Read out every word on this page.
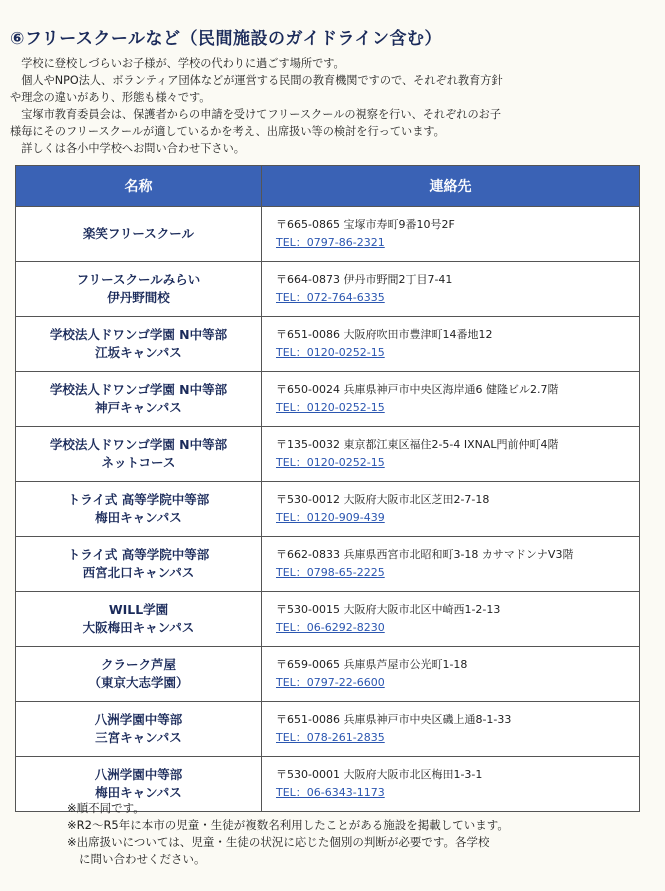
⑥フリースクールなど（民間施設のガイドライン含む）

　学校に登校しづらいお子様が、学校の代わりに過ごす場所です。

　個人やNPO法人、ボランティア団体などが運営する民間の教育機関ですので、それぞれ教育方針

や理念の違いがあり、形態も様々です。

　宝塚市教育委員会は、保護者からの申請を受けてフリースクールの視察を行い、それぞれのお子

様毎にそのフリースクールが適しているかを考え、出席扱い等の検討を行っています。

　詳しくは各小中学校へお問い合わせ下さい。

名称	連絡先
楽笑フリースクール
〒665-0865 宝塚市寿町9番10号2F
TEL：0797-86-2321
フリースクールみらい
伊丹野間校
〒664-0873 伊丹市野間2丁目7-41
TEL：072-764-6335
学校法人ドワンゴ学園 N中等部
江坂キャンパス
〒651-0086 大阪府吹田市豊津町14番地12
TEL：0120-0252-15
学校法人ドワンゴ学園 N中等部
神戸キャンパス
〒650-0024 兵庫県神戸市中央区海岸通6 健隆ビル2.7階
TEL：0120-0252-15
学校法人ドワンゴ学園 N中等部
ネットコース
〒135-0032 東京都江東区福住2-5-4 IXNAL門前仲町4階
TEL：0120-0252-15
トライ式 高等学院中等部
梅田キャンパス
〒530-0012 大阪府大阪市北区芝田2-7-18
TEL：0120-909-439
トライ式 高等学院中等部
西宮北口キャンパス
〒662-0833 兵庫県西宮市北昭和町3-18 カサマドンナV3階
TEL：0798-65-2225
WILL学園
大阪梅田キャンパス
〒530-0015 大阪府大阪市北区中崎西1-2-13
TEL：06-6292-8230
クラーク芦屋
（東京大志学園）
〒659-0065 兵庫県芦屋市公光町1-18
TEL：0797-22-6600
八洲学園中等部
三宮キャンパス
〒651-0086 兵庫県神戸市中央区磯上通8-1-33
TEL：078-261-2835
八洲学園中等部
梅田キャンパス
〒530-0001 大阪府大阪市北区梅田1-3-1
TEL：06-6343-1173

※順不同です。

※R2～R5年に本市の児童・生徒が複数名利用したことがある施設を掲載しています。

※出席扱いについては、児童・生徒の状況に応じた個別の判断が必要です。各学校

に問い合わせください。
